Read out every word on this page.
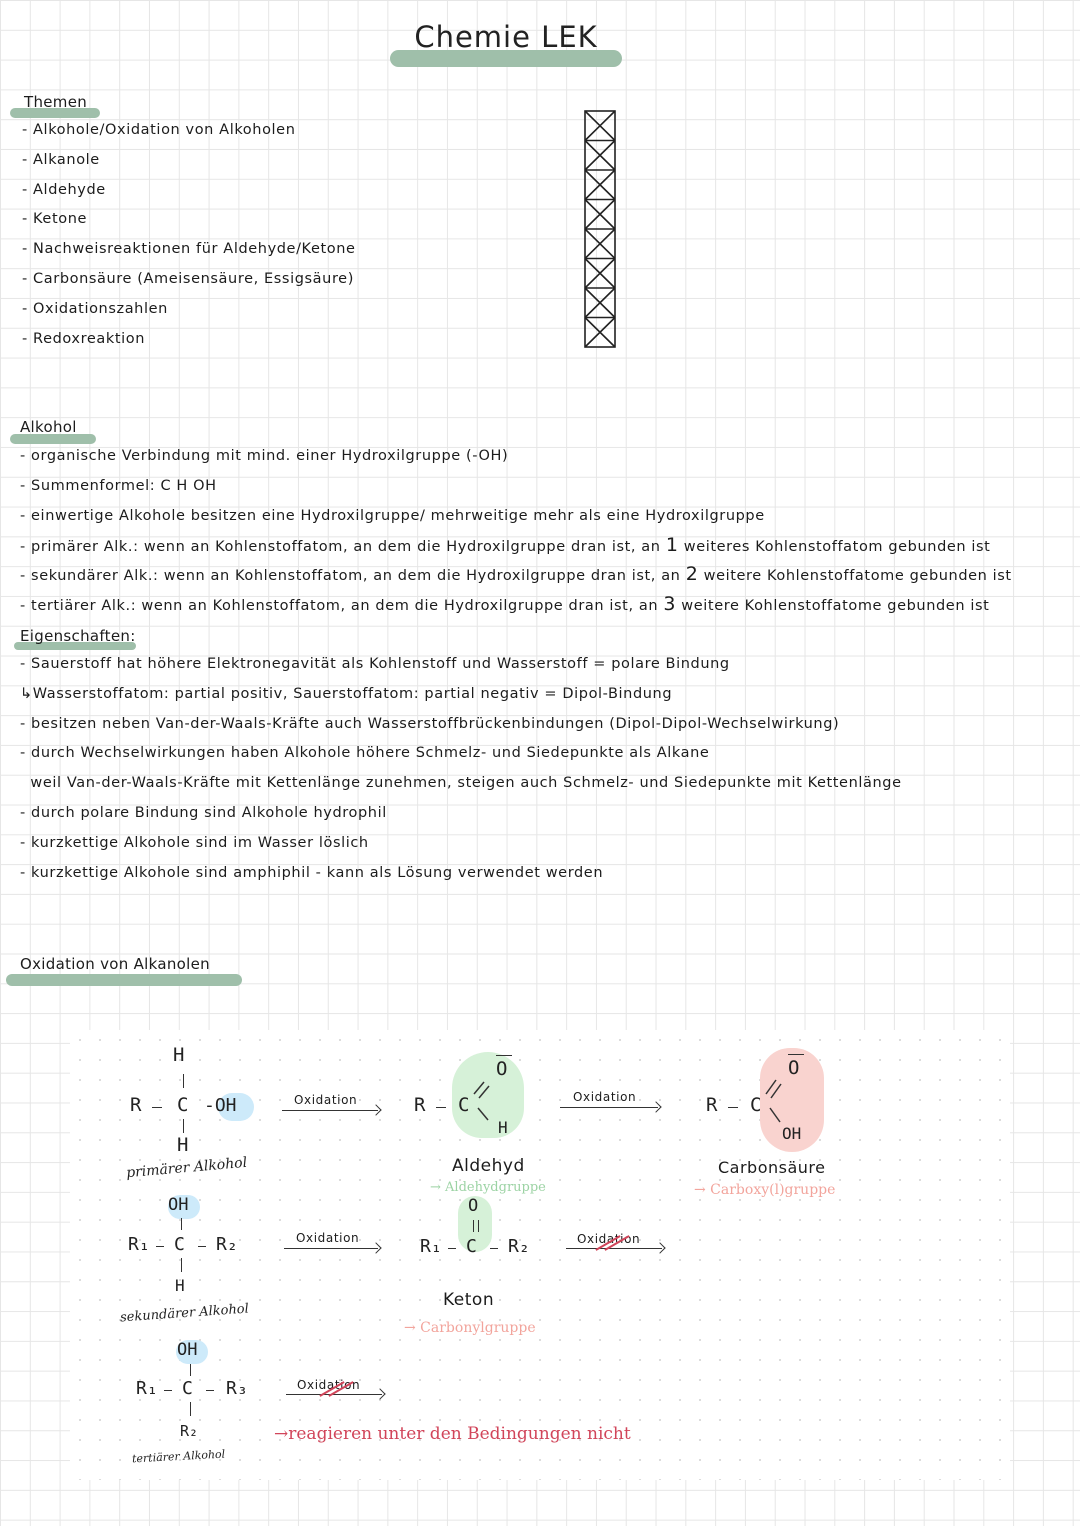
Chemie LEK
Themen
- Alkohole/Oxidation von Alkoholen
- Alkanole
- Aldehyde
- Ketone
- Nachweisreaktionen für Aldehyde/Ketone
- Carbonsäure (Ameisensäure, Essigsäure)
- Oxidationszahlen
- Redoxreaktion
Alkohol
- organische Verbindung mit mind. einer Hydroxilgruppe (-OH)
- Summenformel: C H OH
- einwertige Alkohole besitzen eine Hydroxilgruppe/ mehrweitige mehr als eine Hydroxilgruppe
- primärer Alk.: wenn an Kohlenstoffatom, an dem die Hydroxilgruppe dran ist, an 1 weiteres Kohlenstoffatom gebunden ist
- sekundärer Alk.: wenn an Kohlenstoffatom, an dem die Hydroxilgruppe dran ist, an 2 weitere Kohlenstoffatome gebunden ist
- tertiärer Alk.: wenn an Kohlenstoffatom, an dem die Hydroxilgruppe dran ist, an 3 weitere Kohlenstoffatome gebunden ist
Eigenschaften:
- Sauerstoff hat höhere Elektronegavität als Kohlenstoff und Wasserstoff = polare Bindung
↳Wasserstoffatom: partial positiv, Sauerstoffatom: partial negativ = Dipol-Bindung
- besitzen neben Van-der-Waals-Kräfte auch Wasserstoffbrückenbindungen (Dipol-Dipol-Wechselwirkung)
- durch Wechselwirkungen haben Alkohole höhere Schmelz- und Siedepunkte als Alkane
weil Van-der-Waals-Kräfte mit Kettenlänge zunehmen, steigen auch Schmelz- und Siedepunkte mit Kettenlänge
- durch polare Bindung sind Alkohole hydrophil
- kurzkettige Alkohole sind im Wasser löslich
- kurzkettige Alkohole sind amphiphil - kann als Lösung verwendet werden
Oxidation von Alkanolen
H
R C -OH
H
primärer Alkohol
Oxidation	R C
O
H
Aldehyd
→ Aldehydgruppe
Oxidation	R C
O
OH
Carbonsäure
→ Carboxy(l)gruppe
OH
R₁ C R₂
H
sekundärer Alkohol
Oxidation
O
R₁ C R₂
Keton
→ Carbonylgruppe
Oxidation
OH
R₁ C R₃
R₂
tertiärer Alkohol
Oxidation
→reagieren unter den Bedingungen nicht
